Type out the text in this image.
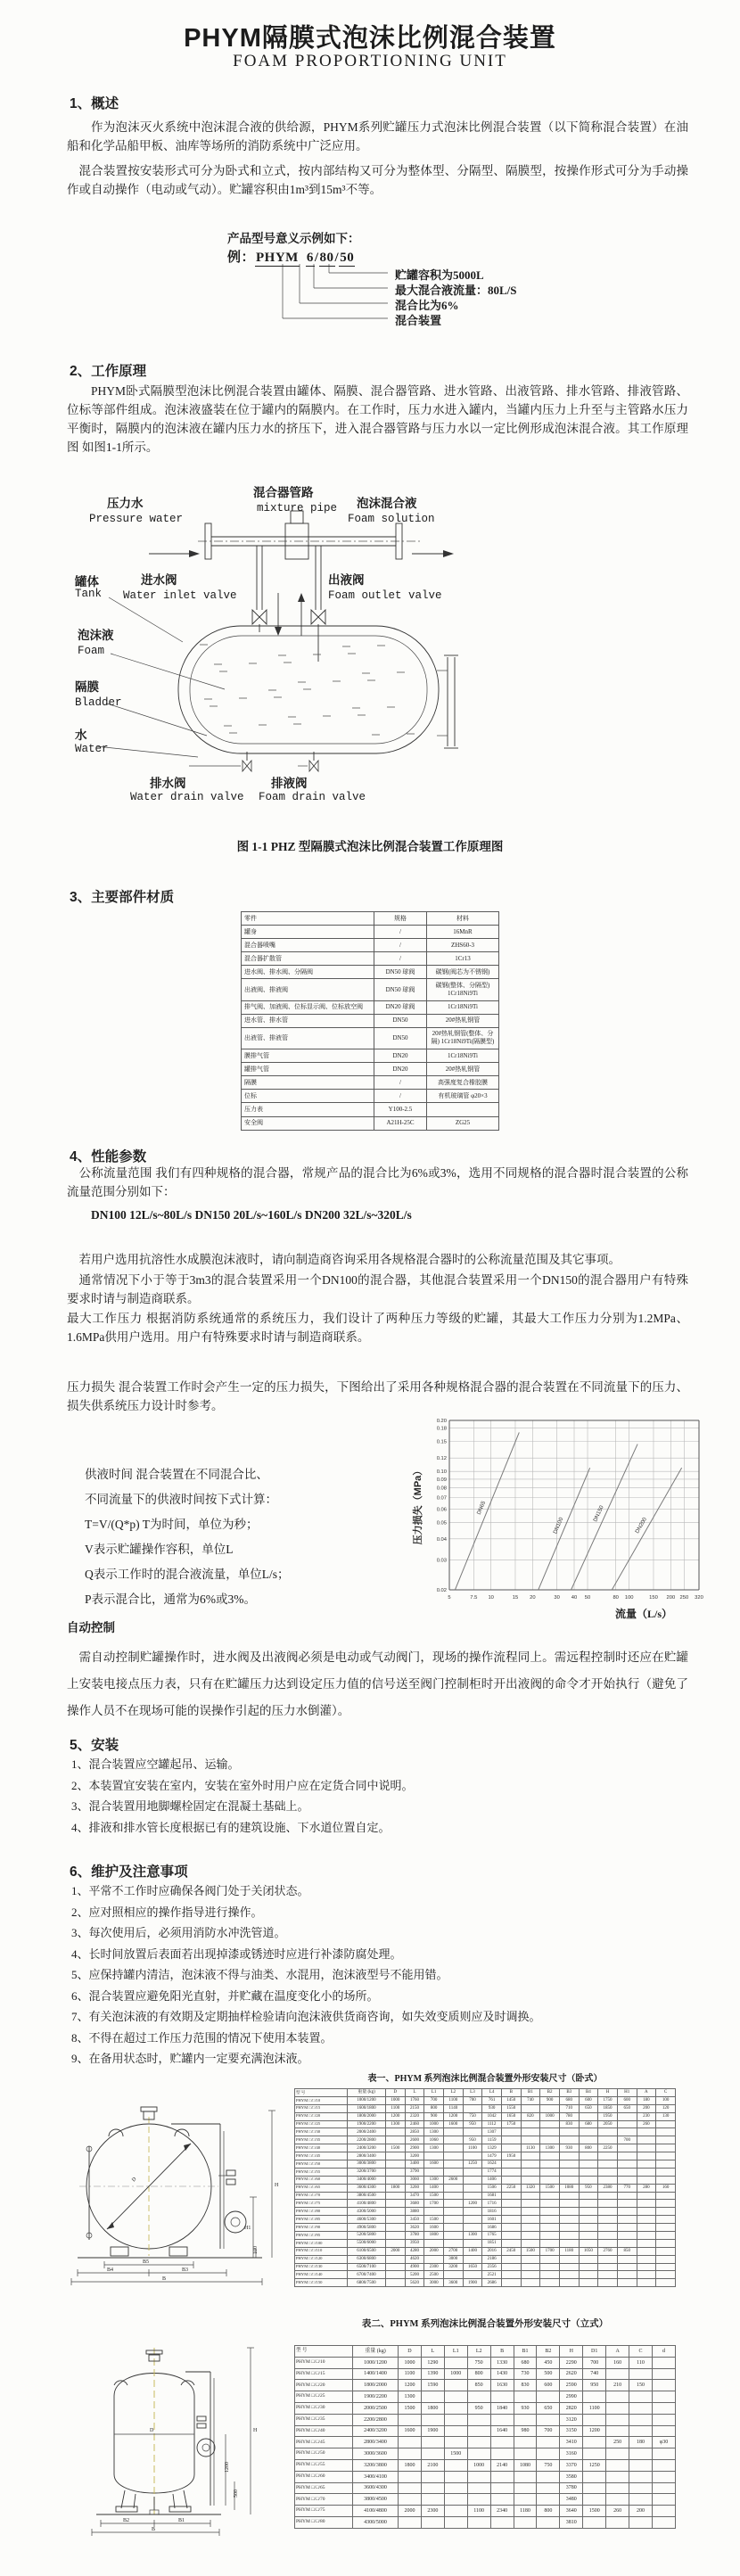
PHYM隔膜式泡沫比例混合装置
FOAM PROPORTIONING UNIT
1、概述
作为泡沫灭火系统中泡沫混合液的供给源，PHYM系列贮罐压力式泡沫比例混合装置（以下简称混合装置）在油船和化学品船甲板、油库等场所的消防系统中广泛应用。
混合装置按安装形式可分为卧式和立式，按内部结构又可分为整体型、分隔型、隔膜型，按操作形式可分为手动操作或自动操作（电动或气动）。贮罐容积由1m³到15m³不等。
产品型号意义示例如下：
例：PHYM 6/80/50
贮罐容积为5000L
最大混合液流量：80L/S
混合比为6%
混合装置
2、工作原理
PHYM卧式隔膜型泡沫比例混合装置由罐体、隔膜、混合器管路、进水管路、出液管路、排水管路、排液管路、位标等部件组成。泡沫液盛装在位于罐内的隔膜内。在工作时，压力水进入罐内，当罐内压力上升至与主管路水压力平衡时，隔膜内的泡沫液在罐内压力水的挤压下，进入混合器管路与压力水以一定比例形成泡沫混合液。其工作原理图 如图1-1所示。
压力水
Pressure water
混合器管路
mixture pipe 泡沫混合液
Foam solution
进水阀
Water inlet valve
出液阀
Foam outlet valve
罐体
Tank
泡沫液
Foam
隔膜
Bladder
水
Water
排水阀
Water drain valve
排液阀
Foam drain valve
图 1-1 PHZ 型隔膜式泡沫比例混合装置工作原理图
3、主要部件材质
零件	规格	材料
罐身	/	16MnR
混合器喷嘴	/	ZHS60-3
混合器扩散管	/	1Cr13
进水阀、排水阀、分隔阀	DN50 球阀	碳钢(阀芯为不锈钢)
出液阀、排液阀	DN50 球阀	碳钢(整体、分隔型) 1Cr18Ni9Ti
排气阀、加液阀、位标显示阀、位标放空阀	DN20 球阀	1Cr18Ni9Ti
进水管、排水管	DN50	20#热轧钢管
出液管、排液管	DN50	20#热轧钢管(整体、分隔) 1Cr18Ni9Ti(隔膜型)
膜排气管	DN20	1Cr18Ni9Ti
罐排气管	DN20	20#热轧钢管
隔膜	/	高强度复合橡胶膜
位标	/	有机玻璃管 φ20×3
压力表	Y100-2.5	
安全阀	A21H-25C	ZG25
4、性能参数
公称流量范围 我们有四种规格的混合器，常规产品的混合比为6%或3%，选用不同规格的混合器时混合装置的公称流量范围分别如下：
DN100 12L/s~80L/s DN150 20L/s~160L/s DN200 32L/s~320L/s
若用户选用抗溶性水成膜泡沫液时，请向制造商咨询采用各规格混合器时的公称流量范围及其它事项。
通常情况下小于等于3m3的混合装置采用一个DN100的混合器，其他混合装置采用一个DN150的混合器用户有特殊要求时请与制造商联系。
最大工作压力 根据消防系统通常的系统压力，我们设计了两种压力等级的贮罐，其最大工作压力分别为1.2MPa、1.6MPa供用户选用。用户有特殊要求时请与制造商联系。
压力损失 混合装置工作时会产生一定的压力损失，下图给出了采用各种规格混合器的混合装置在不同流量下的压力、损失供系统压力设计时参考。
压力损失（MPa）
5	7.5 10	15 20	30 40 50	80 100	150 200 250 320
0.02
0.03
0.04
0.05
0.06
0.07
0.08
0.09
0.10
0.12
0.15
0.18
0.20
DN65
DN100
DN150
DN200
流量（L/s）
供液时间 混合装置在不同混合比、
不同流量下的供液时间按下式计算：
T=V/(Q*p) T为时间，单位为秒；
V表示贮罐操作容积，单位L
Q表示工作时的混合液流量，单位L/s；
P表示混合比，通常为6%或3%。
自动控制
需自动控制贮罐操作时，进水阀及出液阀必须是电动或气动阀门，现场的操作流程同上。需远程控制时还应在贮罐上安装电接点压力表，只有在贮罐压力达到设定压力值的信号送至阀门控制柜时开出液阀的命令才开始执行（避免了操作人员不在现场可能的误操作引起的压力水倒灌）。
5、安装
1、混合装置应空罐起吊、运输。
2、本装置宜安装在室内，安装在室外时用户应在定货合同中说明。
3、混合装置用地脚螺栓固定在混凝土基础上。
4、排液和排水管长度根据已有的建筑设施、下水道位置自定。
6、维护及注意事项
1、平常不工作时应确保各阀门处于关闭状态。
2、应对照相应的操作指导进行操作。
3、每次使用后，必须用消防水冲洗管道。
4、长时间放置后表面若出现掉漆或锈迹时应进行补漆防腐处理。
5、应保持罐内清洁，泡沫液不得与油类、水混用，泡沫液型号不能用错。
6、混合装置应避免阳光直射，并贮藏在温度变化小的场所。
7、有关泡沫液的有效期及定期抽样检验请向泡沫液供货商咨询，如失效变质则应及时调换。
8、不得在超过工作压力范围的情况下使用本装置。
9、在备用状态时，贮罐内一定要充满泡沫液。
表一、PHYM 系列泡沫比例混合装置外形安装尺寸（卧式）
型 号	重量 (kg)	D	L	L1	L2	L3	L4	B	B1	B2	B3	B4	H	H1	A	C
PHYM □/□/10	1000/1200	1000	1760	700	1100	700	761	1450	740	900	680	600	1750	600	180	100
PHYM □/□/15	1600/1800	1100	2150	800	1140		930	1550			710	650	1850	650	200	120
PHYM □/□/20	1800/2000	1200	2320	900	1200	750	1042	1650	820	1000	780		1950		230	130
PHYM □/□/25	1900/2200	1300	2460	1000	1600	950	1112	1750			830	680	2050		260	
PHYM □/□/30	2000/2400		2850	1300			1307									
PHYM □/□/35	2200/2800		2600	1060		950	1159							700		
PHYM □/□/40	2400/3200	1500	2900	1300		1100	1329		1130	1300	930	800	2250			
PHYM □/□/45	2800/3400		3200				1479	1950								
PHYM □/□/50	3000/3800		3400	1600		1250	1624									
PHYM □/□/55	3200/3700		3790				1774									
PHYM □/□/60	3400/4000		3060	1300	2600		1406									
PHYM □/□/65	3600/4300	1800	3260	1400			1506	2250	1320	1500	1080	950	2380	770	280	160
PHYM □/□/70	3800/4500		3470	1500			1681									
PHYM □/□/75	4100/4800		3680	1700		1200	1716									
PHYM □/□/80	4300/5000		3880				1816									
PHYM □/□/85	4600/5300		3450	1500			1601									
PHYM □/□/90	4900/5800		3620	1600			1686									
PHYM □/□/95	5200/5800		3780	1800		1300	1765									
PHYM □/□/100	5500/6000		3950				1851									
PHYM □/□/110	6100/6500	2000	4280	2000	2700	1400	2016	2450	1500	1700	1180	1050	2760	850		
PHYM □/□/120	6300/6800		4620		3000		2186									
PHYM □/□/130	6500/7100		4900	2300	3200	1650	2356									
PHYM □/□/140	6700/7400		5200	2500			2521									
PHYM □/□/150	6800/7500		5620	3000	3600	1900	2686									
D
H
H1
B5
B4	B3
B
100
表二、PHYM 系列泡沫比例混合装置外形安装尺寸（立式）
型 号	重量 (kg)	D	L	L1	L2	B	B1	B2	H	D1	A	C	d
PHYM □/□/10	1000/1200	1000	1290		750	1330	680	450	2290	700	160	110	
PHYM □/□/15	1400/1400	1100	1390	1000	800	1430	730	500	2620	740			
PHYM □/□/20	1800/2000	1200	1590		850	1630	830	600	2590	950	210	150	
PHYM □/□/25	1900/2200	1300							2990				
PHYM □/□/30	2000/2500	1500	1800		950	1840	930	650	2820	1100			
PHYM □/□/35	2200/2800								3120				
PHYM □/□/40	2400/3200	1600	1900			1640	980	700	3150	1200			
PHYM □/□/45	2800/3400								3410		250	180	φ30
PHYM □/□/50	3000/3600			1500					3160				
PHYM □/□/55	3200/3800	1800	2100		1000	2140	1080	750	3370	1250			
PHYM □/□/60	3400/4100								3580				
PHYM □/□/65	3600/4300								3780				
PHYM □/□/70	3800/4500								3480				
PHYM □/□/75	4100/4800	2000	2300		1100	2340	1180	800	3640	1500	260	200	
PHYM □/□/80	4300/5000								3810				
D	H
1200
500
B2	B1
B
